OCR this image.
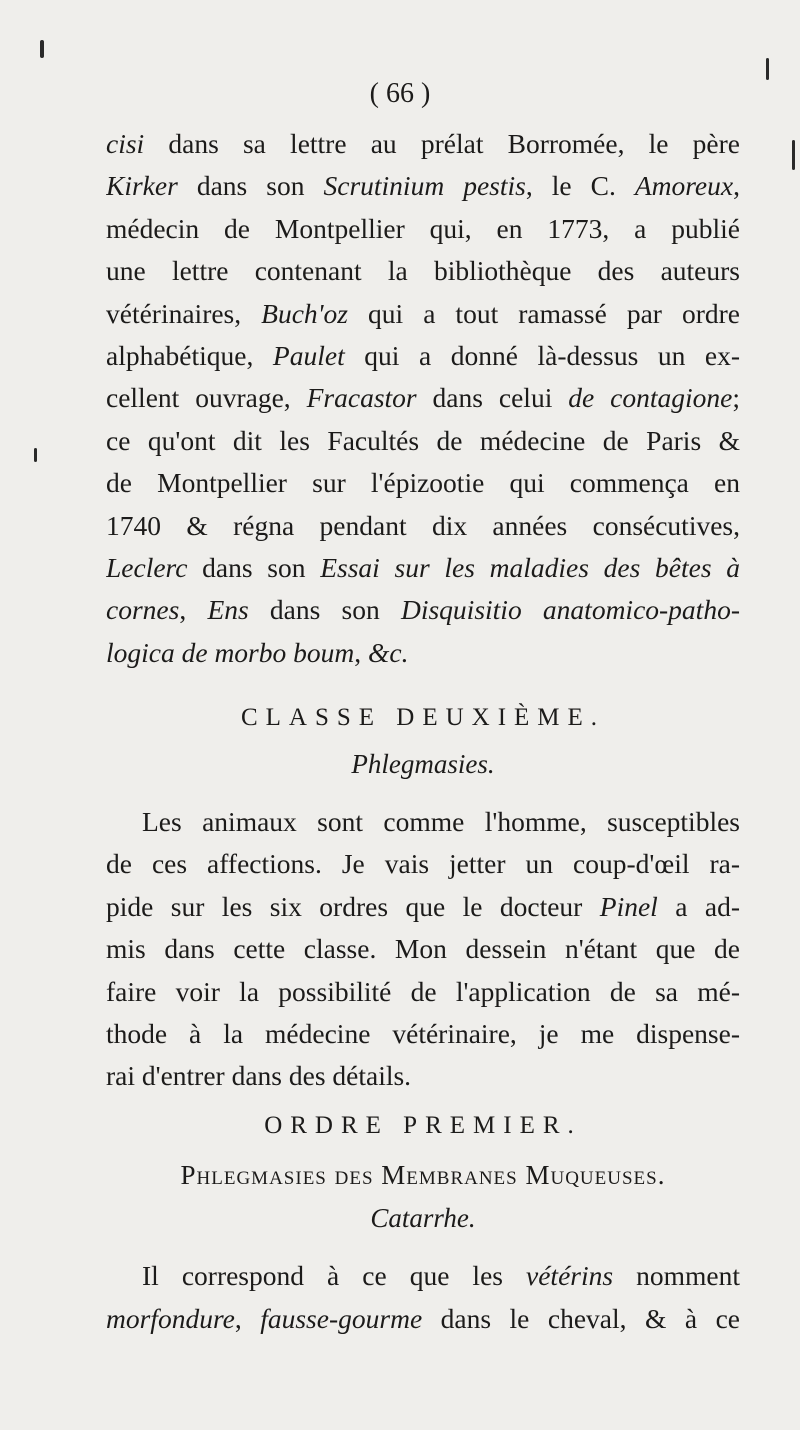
( 66 )
cisi dans sa lettre au prélat Borromée, le père
Kirker dans son Scrutinium pestis, le C. Amoreux,
médecin de Montpellier qui, en 1773, a publié
une lettre contenant la bibliothèque des auteurs
vétérinaires, Buch'oz qui a tout ramassé par ordre
alphabétique, Paulet qui a donné là-dessus un ex-
cellent ouvrage, Fracastor dans celui de contagione;
ce qu'ont dit les Facultés de médecine de Paris &
de Montpellier sur l'épizootie qui commença en
1740 & régna pendant dix années consécutives,
Leclerc dans son Essai sur les maladies des bêtes à
cornes, Ens dans son Disquisitio anatomico-patho-
logica de morbo boum, &c.
CLASSE DEUXIÈME.
Phlegmasies.
Les animaux sont comme l'homme, susceptibles
de ces affections. Je vais jetter un coup-d'œil ra-
pide sur les six ordres que le docteur Pinel a ad-
mis dans cette classe. Mon dessein n'étant que de
faire voir la possibilité de l'application de sa mé-
thode à la médecine vétérinaire, je me dispense-
rai d'entrer dans des détails.
ORDRE PREMIER.
Phlegmasies des Membranes Muqueuses.
Catarrhe.
Il correspond à ce que les vétérins nomment
morfondure, fausse-gourme dans le cheval, & à ce
